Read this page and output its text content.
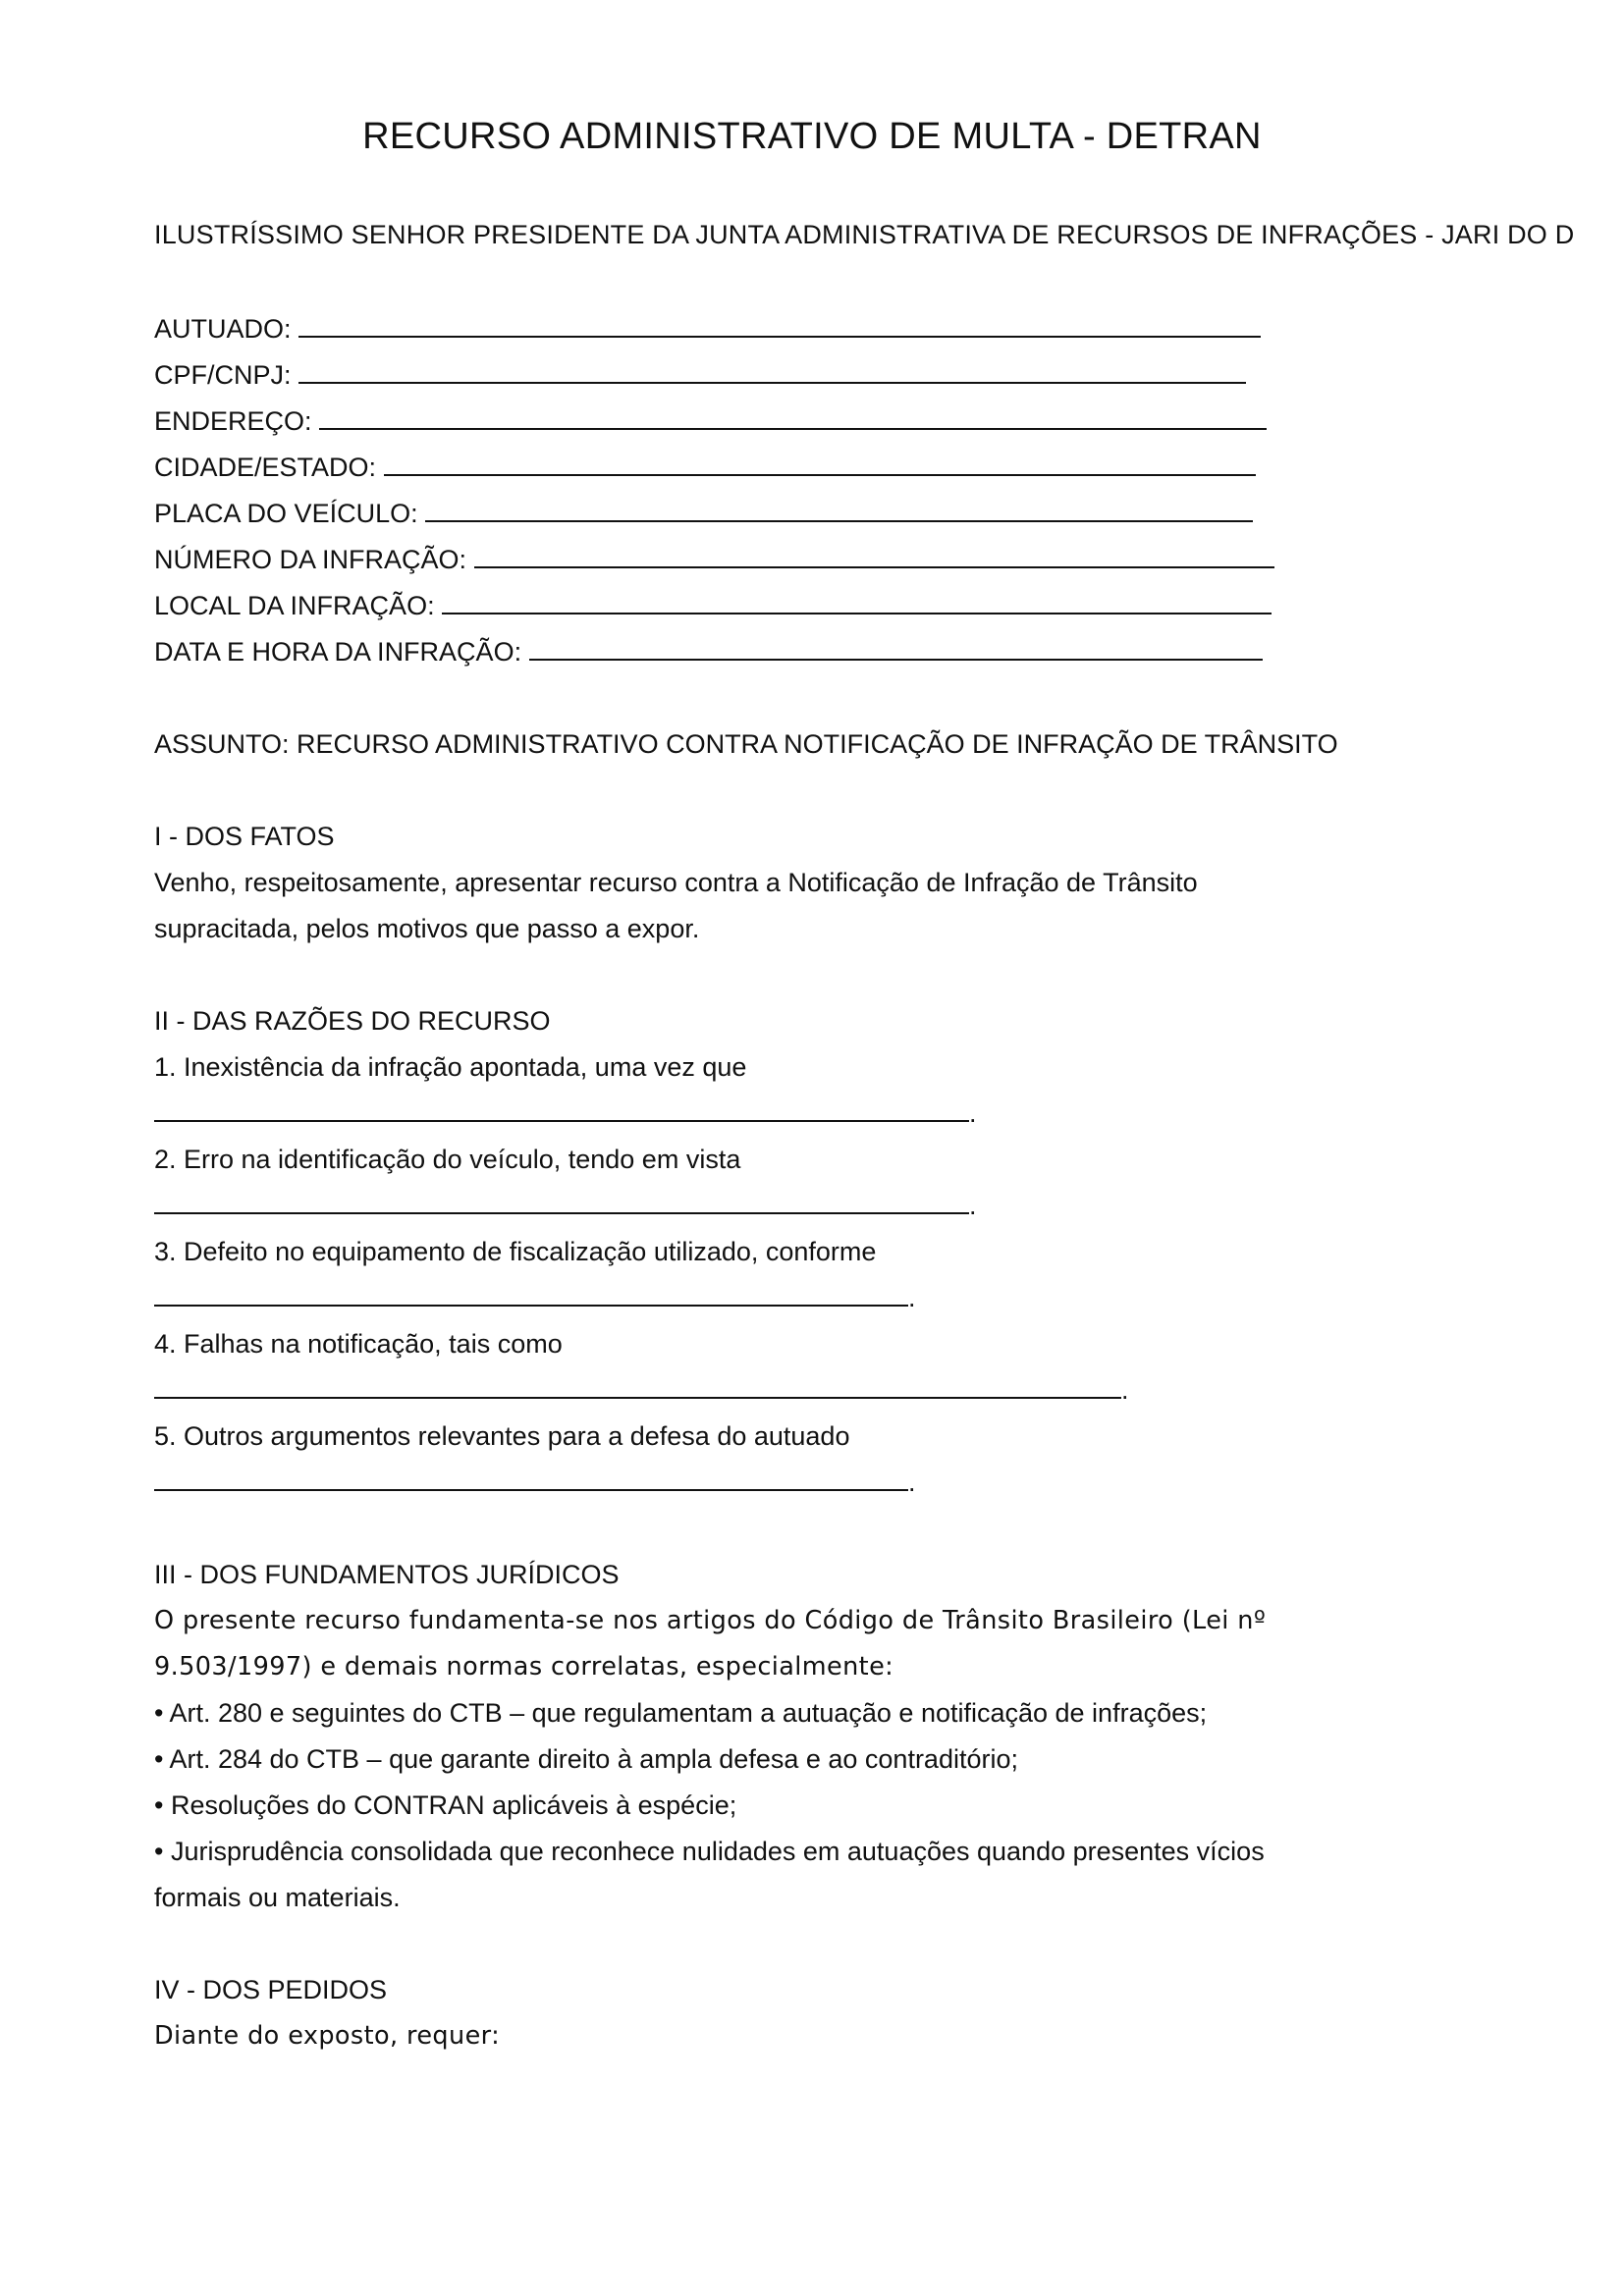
RECURSO ADMINISTRATIVO DE MULTA - DETRAN
ILUSTRÍSSIMO SENHOR PRESIDENTE DA JUNTA ADMINISTRATIVA DE RECURSOS DE INFRAÇÕES - JARI DO D
AUTUADO:
CPF/CNPJ:
ENDEREÇO:
CIDADE/ESTADO:
PLACA DO VEÍCULO:
NÚMERO DA INFRAÇÃO:
LOCAL DA INFRAÇÃO:
DATA E HORA DA INFRAÇÃO:
ASSUNTO: RECURSO ADMINISTRATIVO CONTRA NOTIFICAÇÃO DE INFRAÇÃO DE TRÂNSITO
I - DOS FATOS
Venho, respeitosamente, apresentar recurso contra a Notificação de Infração de Trânsito
supracitada, pelos motivos que passo a expor.
II - DAS RAZÕES DO RECURSO
1. Inexistência da infração apontada, uma vez que
.
2. Erro na identificação do veículo, tendo em vista
.
3. Defeito no equipamento de fiscalização utilizado, conforme
.
4. Falhas na notificação, tais como
.
5. Outros argumentos relevantes para a defesa do autuado
.
III - DOS FUNDAMENTOS JURÍDICOS
O presente recurso fundamenta-se nos artigos do Código de Trânsito Brasileiro (Lei nº
9.503/1997) e demais normas correlatas, especialmente:
• Art. 280 e seguintes do CTB – que regulamentam a autuação e notificação de infrações;
• Art. 284 do CTB – que garante direito à ampla defesa e ao contraditório;
• Resoluções do CONTRAN aplicáveis à espécie;
• Jurisprudência consolidada que reconhece nulidades em autuações quando presentes vícios
formais ou materiais.
IV - DOS PEDIDOS
Diante do exposto, requer:
